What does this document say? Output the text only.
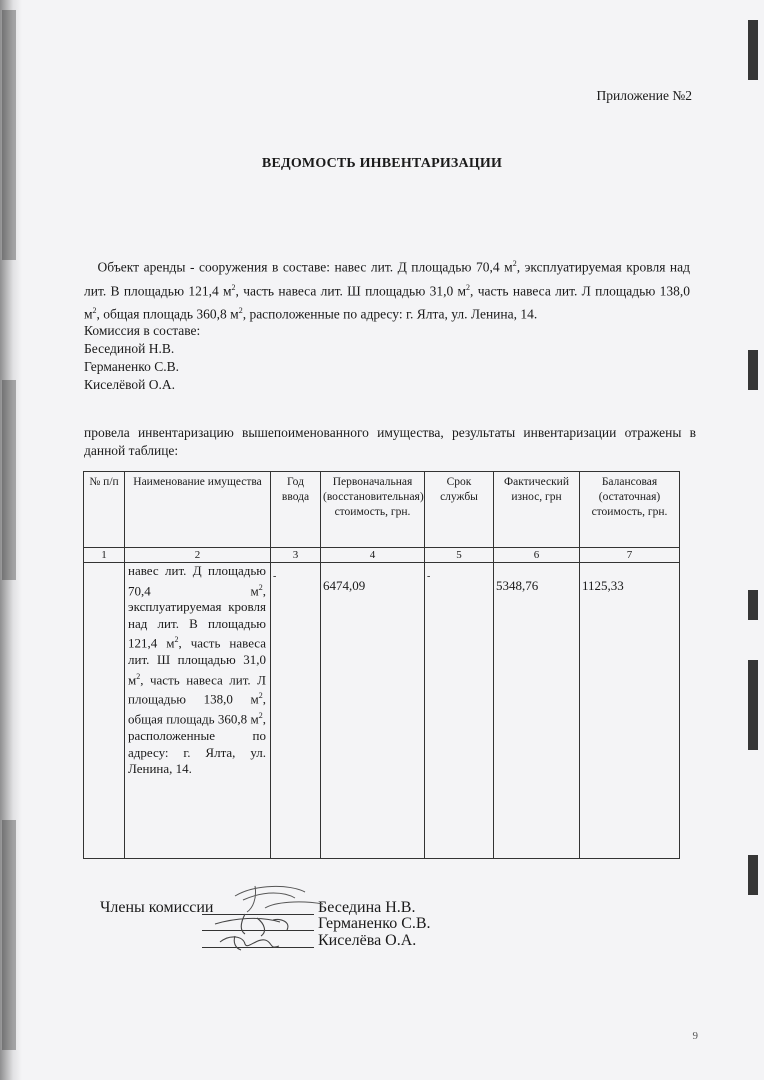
Приложение №2
ВЕДОМОСТЬ ИНВЕНТАРИЗАЦИИ
Объект аренды - сооружения в составе: навес лит. Д площадью 70,4 $м^2$, эксплуатируемая кровля над лит. В площадью 121,4 $м^2$, часть навеса лит. Ш площадью 31,0 $м^2$, часть навеса лит. Л площадью 138,0 $м^2$, общая площадь 360,8 $м^2$, расположенные по адресу: г. Ялта, ул. Ленина, 14.
Комиссия в составе:
Бесединой Н.В.
Германенко С.В.
Киселёвой О.А.
провела инвентаризацию вышепоименованного имущества, результаты инвентаризации отражены в данной таблице:
№ п/п	Наименование имущества	Год ввода	Первоначальная (восстановительная) стоимость, грн.	Срок службы	Фактический износ, грн	Балансовая (остаточная) стоимость, грн.
1	2	3	4	5	6	7
	навес лит. Д площадью 70,4 $м^2$, эксплуатируемая кровля над лит. В площадью 121,4 $м^2$, часть навеса лит. Ш площадью 31,0 $м^2$, часть навеса лит. Л площадью 138,0 $м^2$, общая площадь 360,8 $м^2$, расположенные по адресу: г. Ялта, ул. Ленина, 14.	-	6474,09	-	5348,76	1125,33
Члены комиссии	Беседина Н.В.
Германенко С.В.
Киселёва О.А.
9
